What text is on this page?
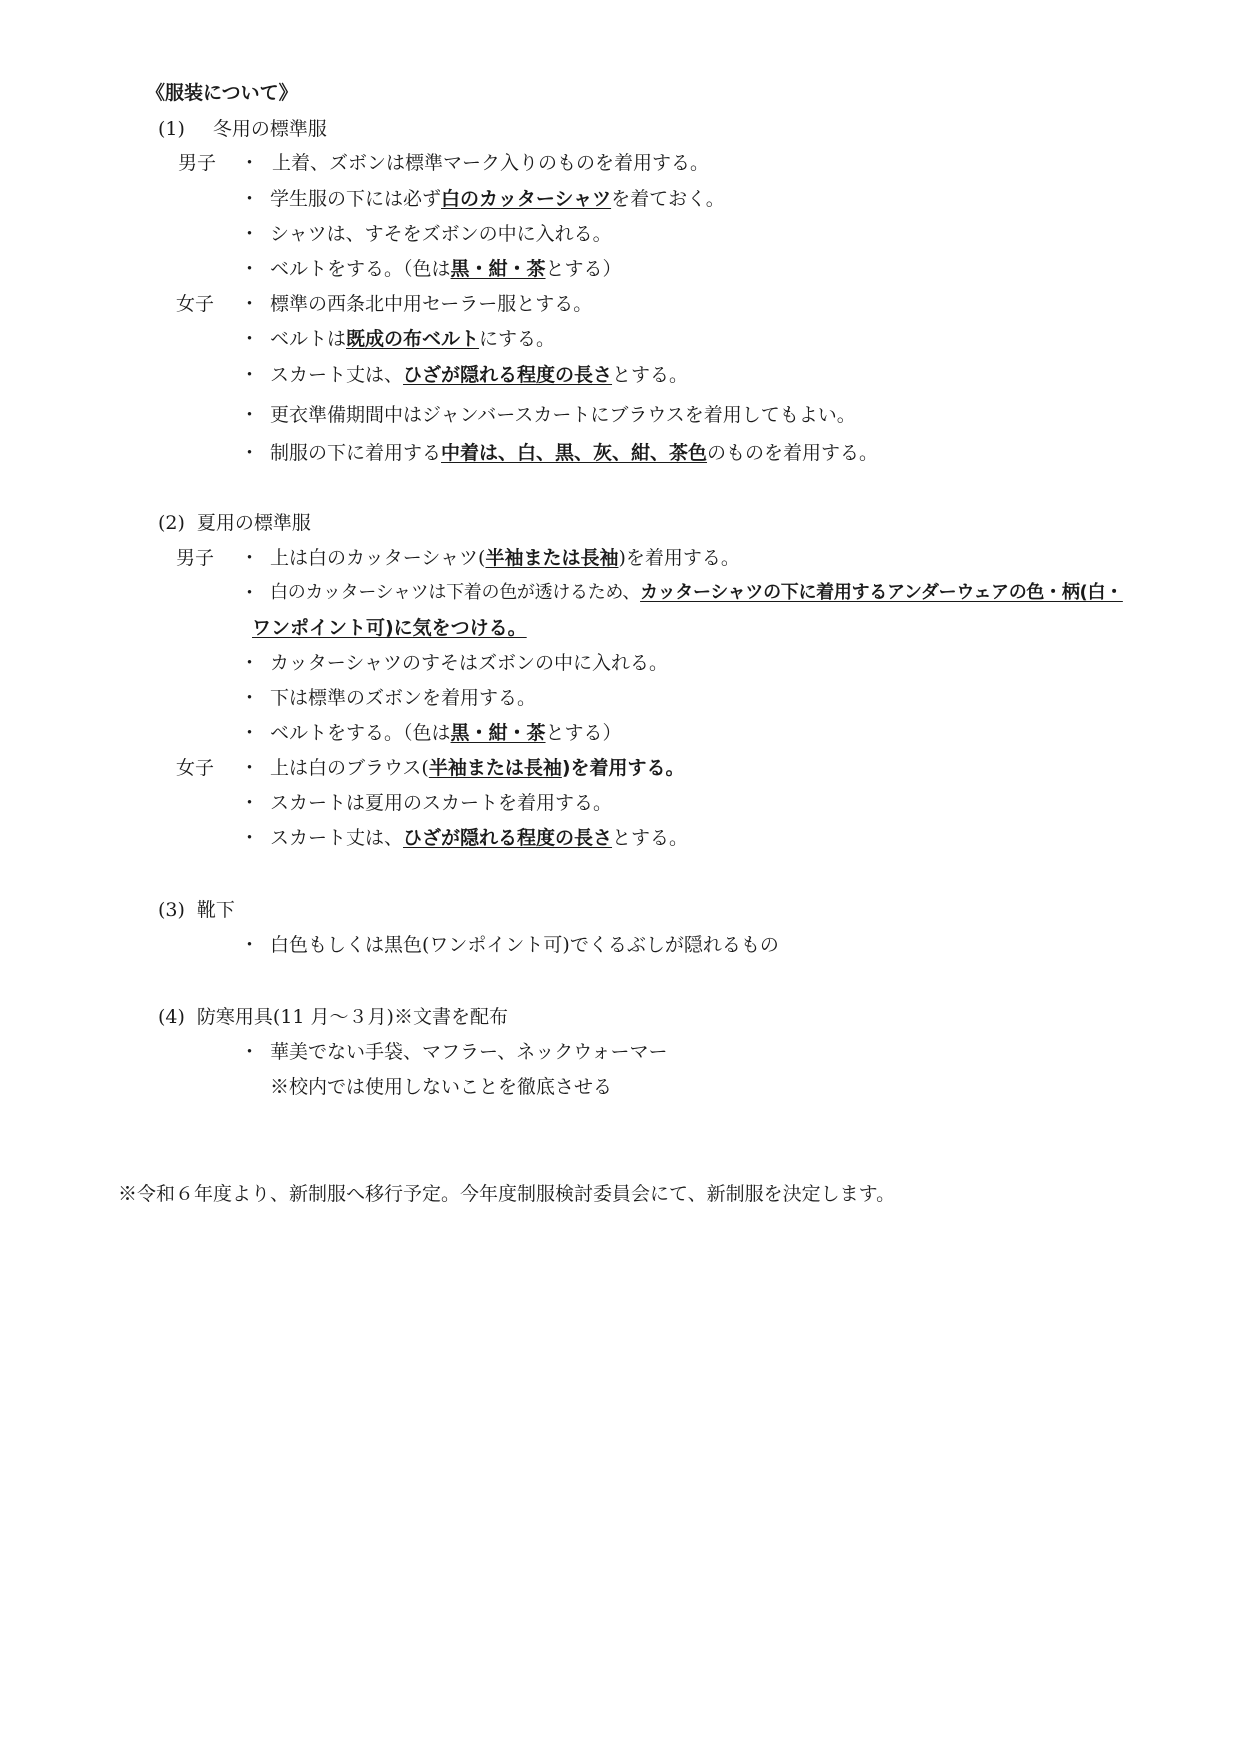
《服装について》
(1) 冬用の標準服
男子 ・ 上着、ズボンは標準マーク入りのものを着用する。
・ 学生服の下には必ず白のカッターシャツを着ておく。
・ シャツは、すそをズボンの中に入れる。
・ ベルトをする。（色は黒・紺・茶とする）
女子 ・ 標準の西条北中用セーラー服とする。
・ ベルトは既成の布ベルトにする。
・ スカート丈は、ひざが隠れる程度の長さとする。
・ 更衣準備期間中はジャンバースカートにブラウスを着用してもよい。
・ 制服の下に着用する中着は、白、黒、灰、紺、茶色のものを着用する。
(2) 夏用の標準服
男子 ・ 上は白のカッターシャツ(半袖または長袖)を着用する。
・ 白のカッターシャツは下着の色が透けるため、カッターシャツの下に着用するアンダーウェアの色・柄(白・
ワンポイント可)に気をつける。
・ カッターシャツのすそはズボンの中に入れる。
・ 下は標準のズボンを着用する。
・ ベルトをする。（色は黒・紺・茶とする）
女子 ・ 上は白のブラウス(半袖または長袖)を着用する。
・ スカートは夏用のスカートを着用する。
・ スカート丈は、ひざが隠れる程度の長さとする。
(3) 靴下
・ 白色もしくは黒色(ワンポイント可)でくるぶしが隠れるもの
(4) 防寒用具(11 月～３月)※文書を配布
・ 華美でない手袋、マフラー、ネックウォーマー
※校内では使用しないことを徹底させる
※令和６年度より、新制服へ移行予定。今年度制服検討委員会にて、新制服を決定します。
